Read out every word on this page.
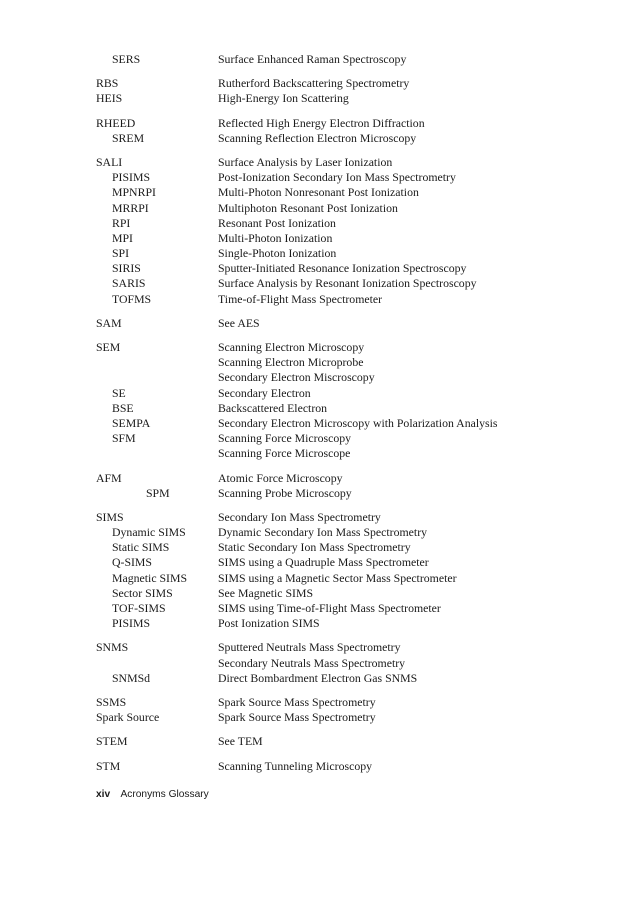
SERS	Surface Enhanced Raman Spectroscopy
RBS	Rutherford Backscattering Spectrometry
HEIS	High-Energy Ion Scattering
RHEED	Reflected High Energy Electron Diffraction
SREM	Scanning Reflection Electron Microscopy
SALI	Surface Analysis by Laser Ionization
PISIMS	Post-Ionization Secondary Ion Mass Spectrometry
MPNRPI	Multi-Photon Nonresonant Post Ionization
MRRPI	Multiphoton Resonant Post Ionization
RPI	Resonant Post Ionization
MPI	Multi-Photon Ionization
SPI	Single-Photon Ionization
SIRIS	Sputter-Initiated Resonance Ionization Spectroscopy
SARIS	Surface Analysis by Resonant Ionization Spectroscopy
TOFMS	Time-of-Flight Mass Spectrometer
SAM	See AES
SEM	Scanning Electron Microscopy
Scanning Electron Microprobe
Secondary Electron Miscroscopy
SE	Secondary Electron
BSE	Backscattered Electron
SEMPA	Secondary Electron Microscopy with Polarization Analysis
SFM	Scanning Force Microscopy
Scanning Force Microscope
AFM	Atomic Force Microscopy
SPM	Scanning Probe Microscopy
SIMS	Secondary Ion Mass Spectrometry
Dynamic SIMS	Dynamic Secondary Ion Mass Spectrometry
Static SIMS	Static Secondary Ion Mass Spectrometry
Q-SIMS	SIMS using a Quadruple Mass Spectrometer
Magnetic SIMS	SIMS using a Magnetic Sector Mass Spectrometer
Sector SIMS	See Magnetic SIMS
TOF-SIMS	SIMS using Time-of-Flight Mass Spectrometer
PISIMS	Post Ionization SIMS
SNMS	Sputtered Neutrals Mass Spectrometry
Secondary Neutrals Mass Spectrometry
SNMSd	Direct Bombardment Electron Gas SNMS
SSMS	Spark Source Mass Spectrometry
Spark Source	Spark Source Mass Spectrometry
STEM	See TEM
STM	Scanning Tunneling Microscopy
xiv Acronyms Glossary
